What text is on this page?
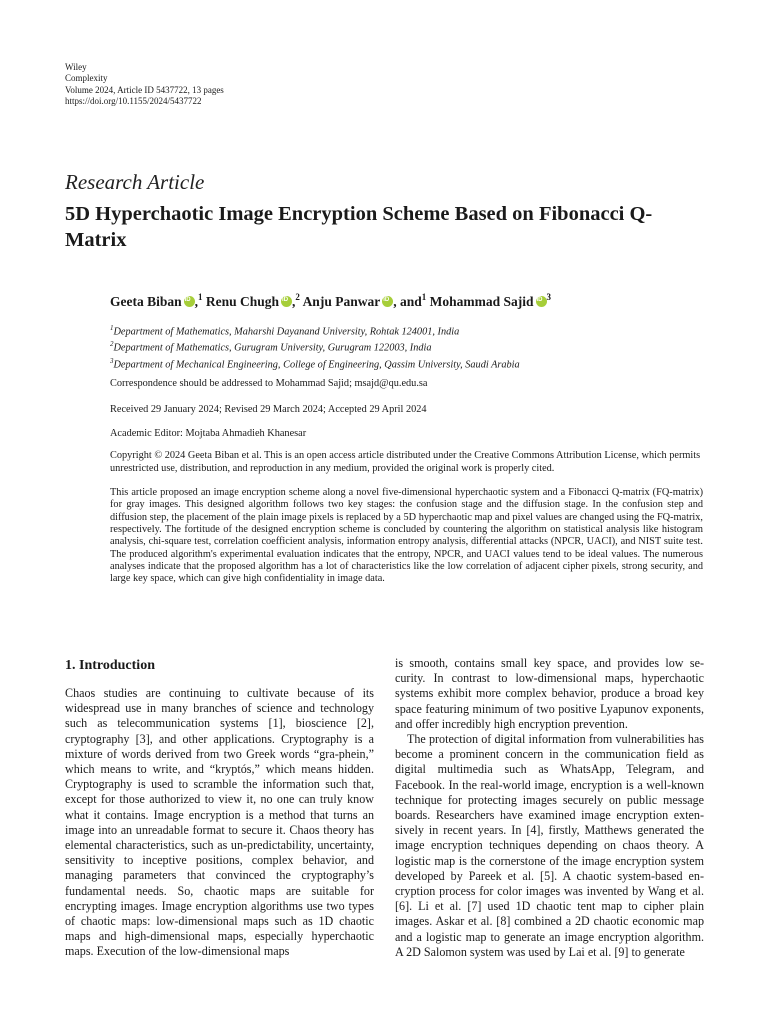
Wiley
Complexity
Volume 2024, Article ID 5437722, 13 pages
https://doi.org/10.1155/2024/5437722
Research Article
5D Hyperchaotic Image Encryption Scheme Based on Fibonacci Q-Matrix
Geeta Biban iD ,$^1$ Renu Chugh iD ,$^2$ Anju Panwar iD , and$^1$ Mohammad Sajid iD $^3$
$^1$Department of Mathematics, Maharshi Dayanand University, Rohtak 124001, India
$^2$Department of Mathematics, Gurugram University, Gurugram 122003, India
$^3$Department of Mechanical Engineering, College of Engineering, Qassim University, Saudi Arabia
Correspondence should be addressed to Mohammad Sajid; msajd@qu.edu.sa
Received 29 January 2024; Revised 29 March 2024; Accepted 29 April 2024
Academic Editor: Mojtaba Ahmadieh Khanesar
Copyright © 2024 Geeta Biban et al. This is an open access article distributed under the Creative Commons Attribution License, which permits unrestricted use, distribution, and reproduction in any medium, provided the original work is properly cited.
This article proposed an image encryption scheme along a novel five-dimensional hyperchaotic system and a Fibonacci Q-matrix (FQ-matrix) for gray images. This designed algorithm follows two key stages: the confusion stage and the diffusion stage. In the confusion step and diffusion step, the placement of the plain image pixels is replaced by a 5D hyperchaotic map and pixel values are changed using the FQ-matrix, respectively. The fortitude of the designed encryption scheme is concluded by countering the algorithm on statistical analysis like histogram analysis, chi-square test, correlation coefficient analysis, information entropy analysis, differential attacks (NPCR, UACI), and NIST suite test. The produced algorithm's experimental evaluation indicates that the entropy, NPCR, and UACI values tend to be ideal values. The numerous analyses indicate that the proposed algorithm has a lot of characteristics like the low correlation of adjacent cipher pixels, strong security, and large key space, which can give high confidentiality in image data.
1. Introduction

Chaos studies are continuing to cultivate because of its widespread use in many branches of science and technology such as telecommunication systems [1], bioscience [2], cryptography [3], and other applications. Cryptography is a mixture of words derived from two Greek words “gra-phein,” which means to write, and “kryptós,” which means hidden. Cryptography is used to scramble the information such that, except for those authorized to view it, no one can truly know what it contains. Image encryption is a method that turns an image into an unreadable format to secure it. Chaos theory has elemental characteristics, such as un-predictability, uncertainty, sensitivity to inceptive positions, complex behavior, and managing parameters that convinced the cryptography’s fundamental needs. So, chaotic maps are suitable for encrypting images. Image encryption algorithms use two types of chaotic maps: low-dimensional maps such as 1D chaotic maps and high-dimensional maps, especially hyperchaotic maps. Execution of the low-dimensional maps

is smooth, contains small key space, and provides low se-curity. In contrast to low-dimensional maps, hyperchaotic systems exhibit more complex behavior, produce a broad key space featuring minimum of two positive Lyapunov exponents, and offer incredibly high encryption prevention.

The protection of digital information from vulnerabilities has become a prominent concern in the communication field as digital multimedia such as WhatsApp, Telegram, and Facebook. In the real-world image, encryption is a well-known technique for protecting images securely on public message boards. Researchers have examined image encryption exten-sively in recent years. In [4], firstly, Matthews generated the image encryption techniques depending on chaos theory. A logistic map is the cornerstone of the image encryption system developed by Pareek et al. [5]. A chaotic system-based en-cryption process for color images was invented by Wang et al. [6]. Li et al. [7] used 1D chaotic tent map to cipher plain images. Askar et al. [8] combined a 2D chaotic economic map and a logistic map to generate an image encryption algorithm. A 2D Salomon system was used by Lai et al. [9] to generate
